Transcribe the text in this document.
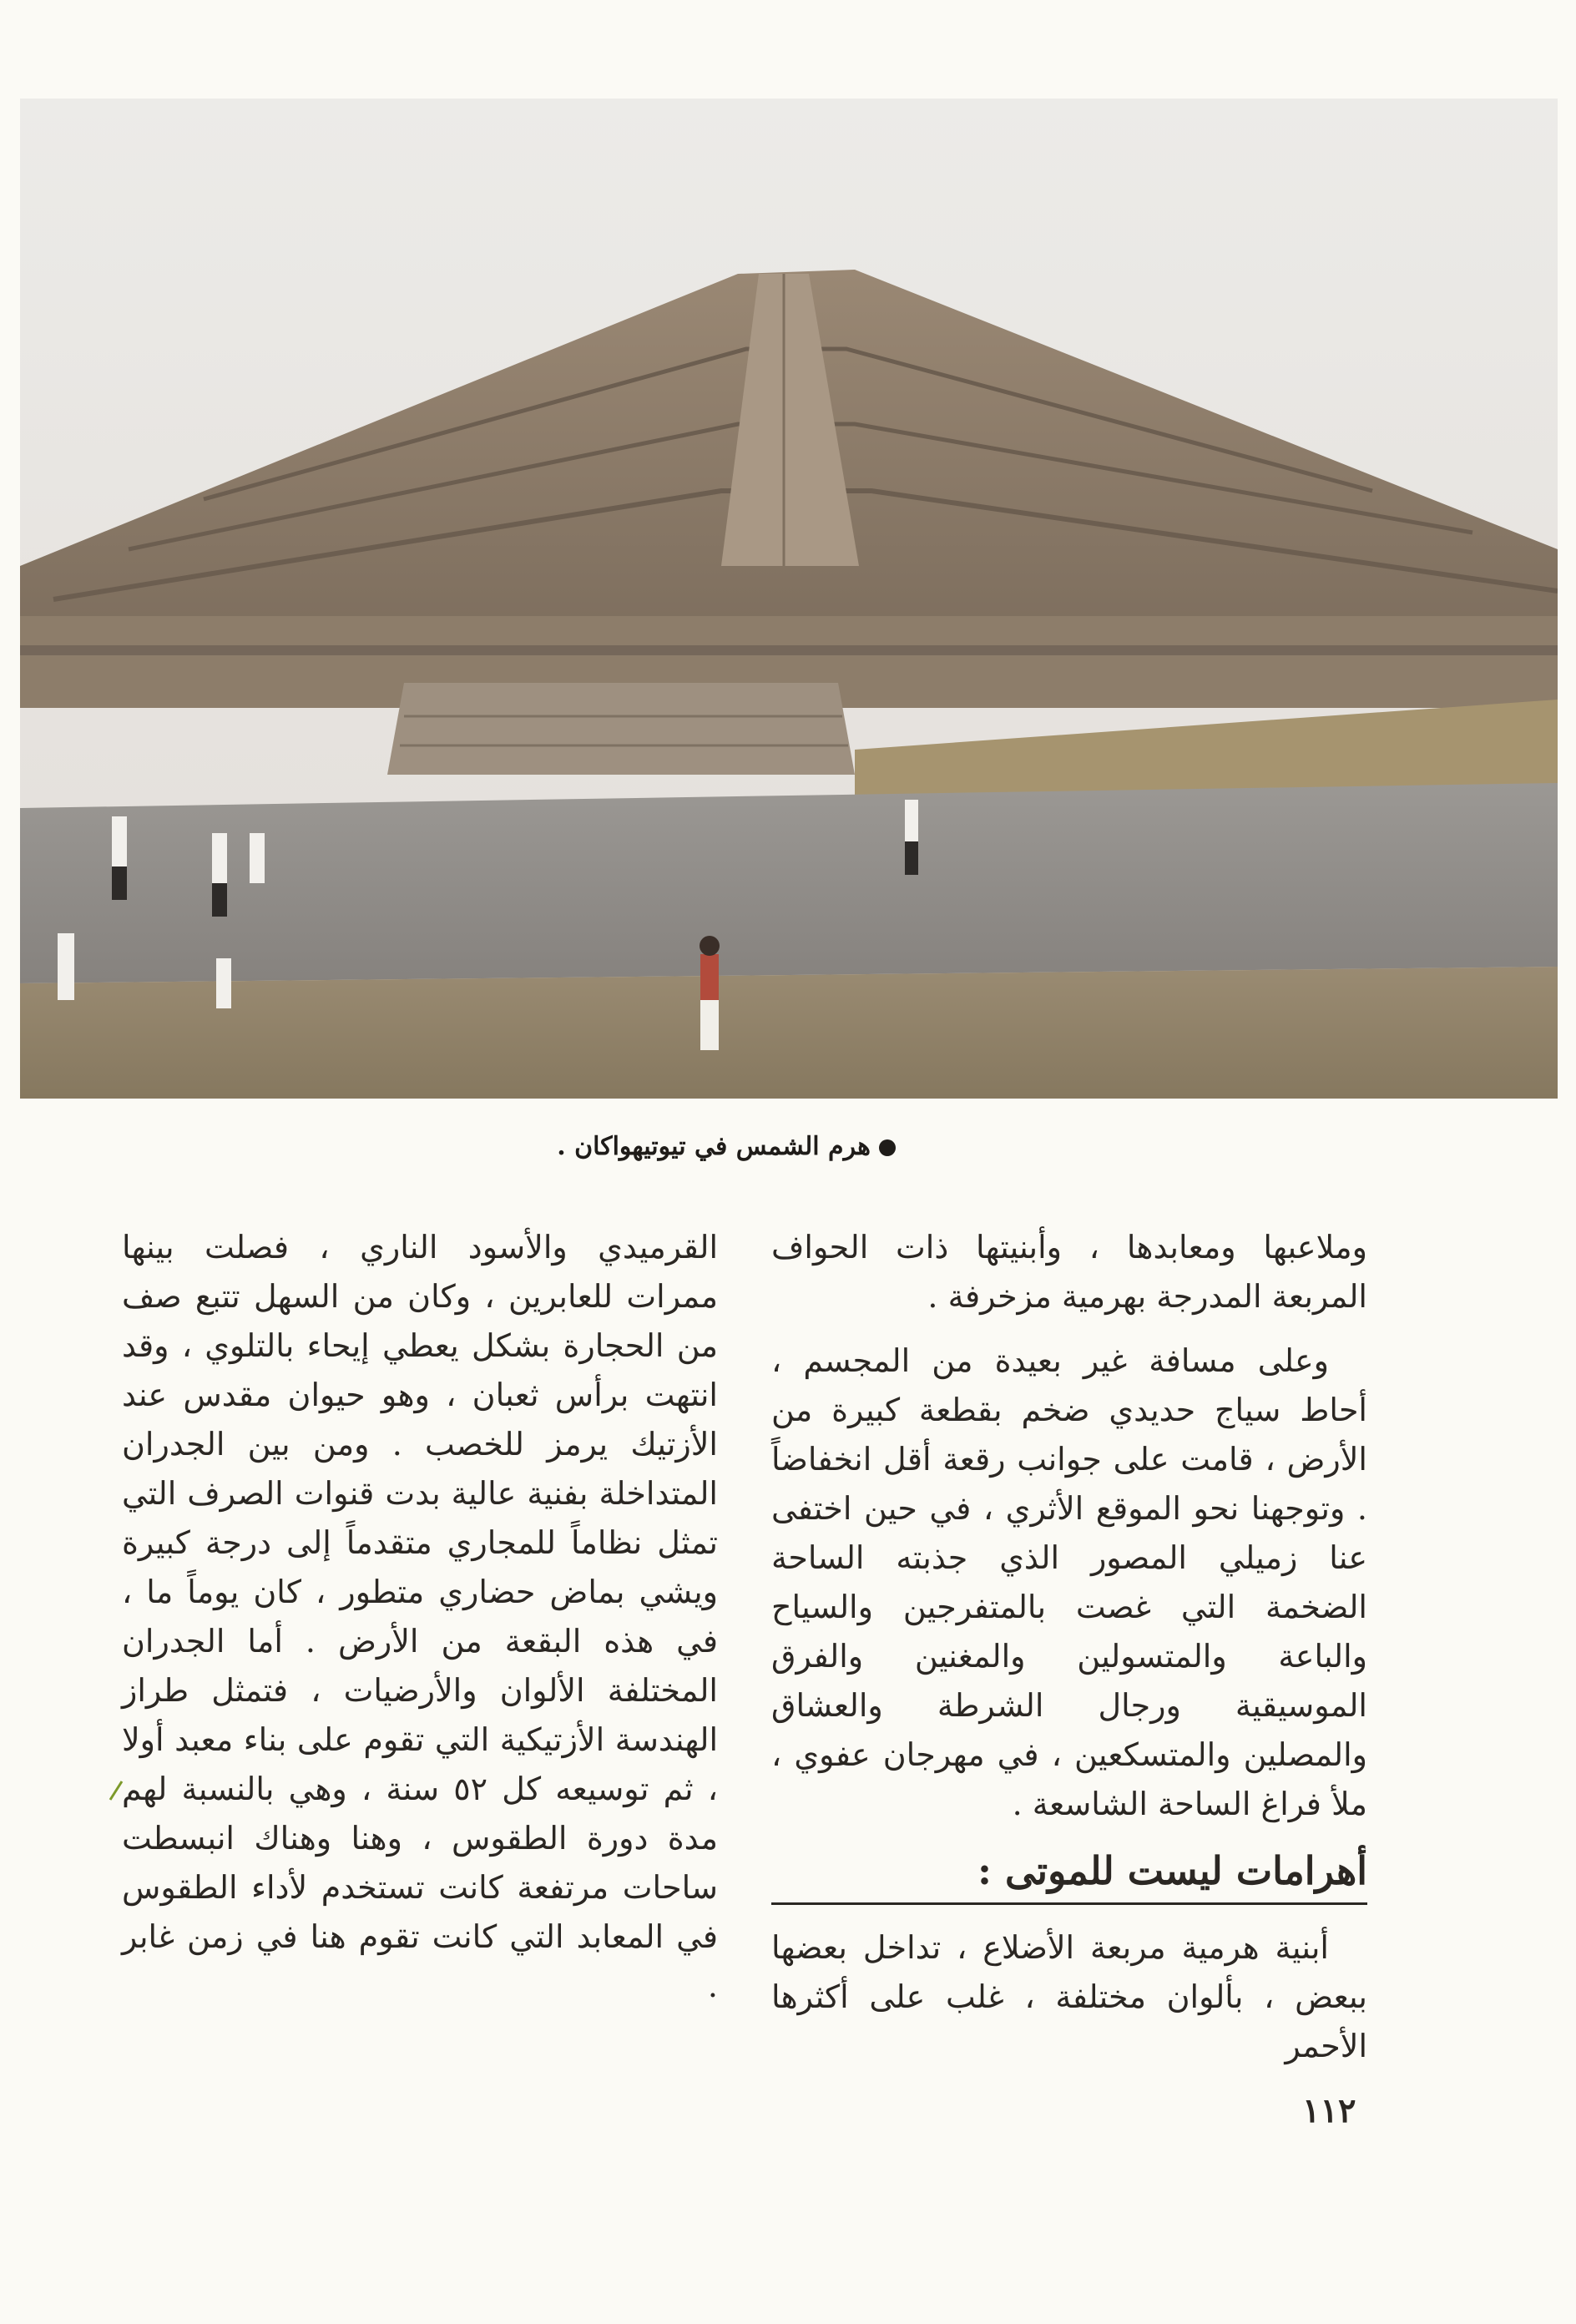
هرم الشمس في تيوتيهواكان .

وملاعبها ومعابدها ، وأبنيتها ذات الحواف المربعة المدرجة بهرمية مزخرفة .

وعلى مسافة غير بعيدة من المجسم ، أحاط سياج حديدي ضخم بقطعة كبيرة من الأرض ، قامت على جوانب رقعة أقل انخفاضاً . وتوجهنا نحو الموقع الأثري ، في حين اختفى عنا زميلي المصور الذي جذبته الساحة الضخمة التي غصت بالمتفرجين والسياح والباعة والمتسولين والمغنين والفرق الموسيقية ورجال الشرطة والعشاق والمصلين والمتسكعين ، في مهرجان عفوي ، ملأ فراغ الساحة الشاسعة .

أهرامات ليست للموتى :

أبنية هرمية مربعة الأضلاع ، تداخل بعضها ببعض ، بألوان مختلفة ، غلب على أكثرها الأحمر

القرميدي والأسود الناري ، فصلت بينها ممرات للعابرين ، وكان من السهل تتبع صف من الحجارة بشكل يعطي إيحاء بالتلوي ، وقد انتهت برأس ثعبان ، وهو حيوان مقدس عند الأزتيك يرمز للخصب . ومن بين الجدران المتداخلة بفنية عالية بدت قنوات الصرف التي تمثل نظاماً للمجاري متقدماً إلى درجة كبيرة ويشي بماض حضاري متطور ، كان يوماً ما ، في هذه البقعة من الأرض . أما الجدران المختلفة الألوان والأرضيات ، فتمثل طراز الهندسة الأزتيكية التي تقوم على بناء معبد أولا ، ثم توسيعه كل ٥٢ سنة ، وهي بالنسبة لهم مدة دورة الطقوس ، وهنا وهناك انبسطت ساحات مرتفعة كانت تستخدم لأداء الطقوس في المعابد التي كانت تقوم هنا في زمن غابر .

١١٢
